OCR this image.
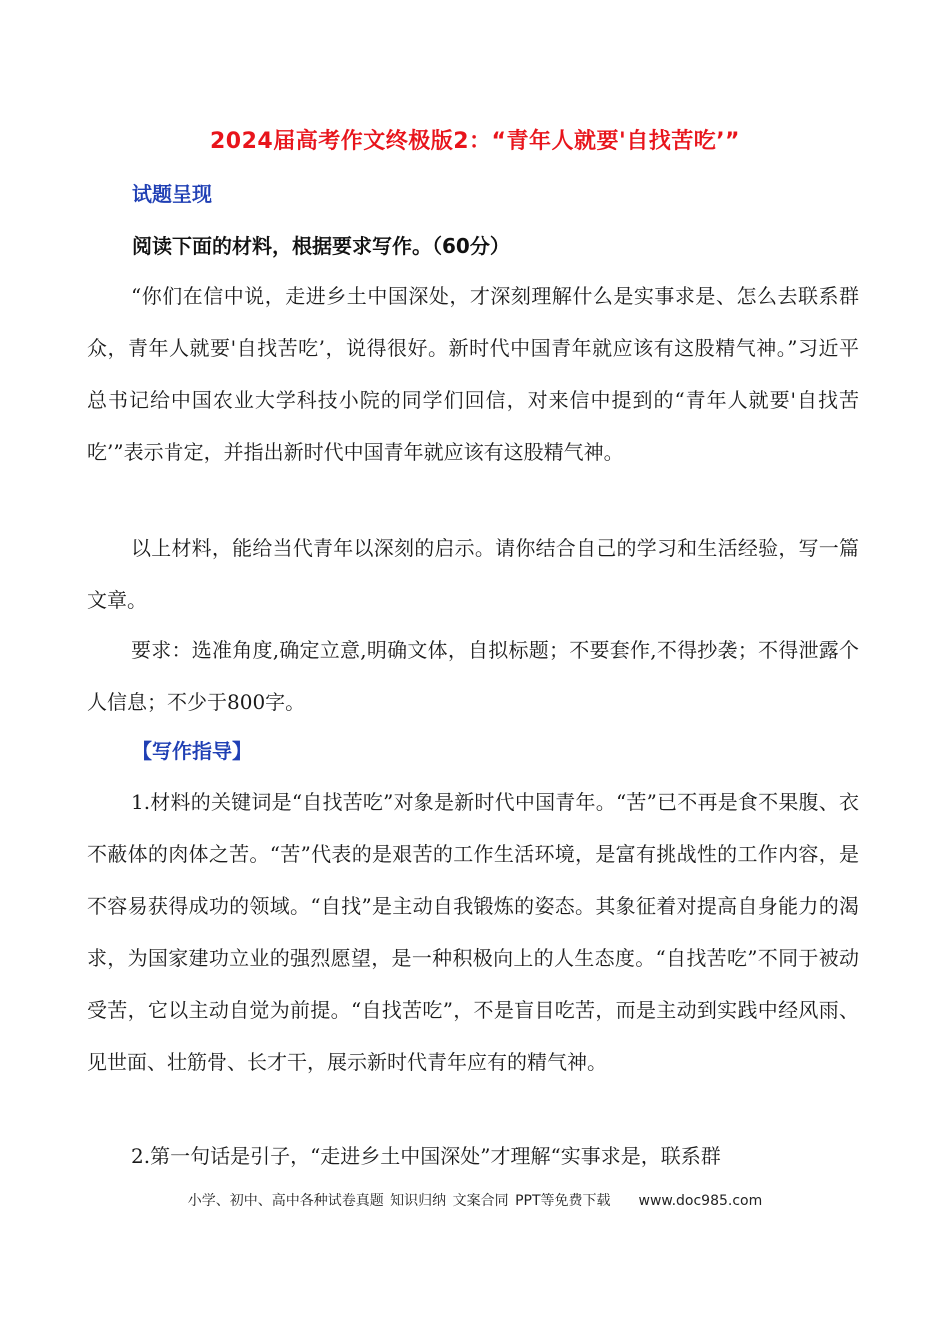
2024届高考作文终极版2：“青年人就要'自找苦吃’”
试题呈现
阅读下面的材料，根据要求写作。（60分）

“你们在信中说，走进乡土中国深处，才深刻理解什么是实事求是、怎么去联系群众，青年人就要'自找苦吃’，说得很好。新时代中国青年就应该有这股精气神。”习近平总书记给中国农业大学科技小院的同学们回信，对来信中提到的“青年人就要'自找苦吃’”表示肯定，并指出新时代中国青年就应该有这股精气神。

以上材料，能给当代青年以深刻的启示。请你结合自己的学习和生活经验，写一篇文章。

要求：选准角度,确定立意,明确文体，自拟标题；不要套作,不得抄袭；不得泄露个人信息；不少于800字。

【写作指导】

1.材料的关键词是“自找苦吃”对象是新时代中国青年。“苦”已不再是食不果腹、衣不蔽体的肉体之苦。“苦”代表的是艰苦的工作生活环境，是富有挑战性的工作内容，是不容易获得成功的领域。“自找”是主动自我锻炼的姿态。其象征着对提高自身能力的渴求，为国家建功立业的强烈愿望，是一种积极向上的人生态度。“自找苦吃”不同于被动受苦，它以主动自觉为前提。“自找苦吃”，不是盲目吃苦，而是主动到实践中经风雨、见世面、壮筋骨、长才干，展示新时代青年应有的精气神。

2.第一句话是引子，“走进乡土中国深处”才理解“实事求是，联系群

小学、初中、高中各种试卷真题 知识归纳 文案合同 PPT等免费下载 www.doc985.com
